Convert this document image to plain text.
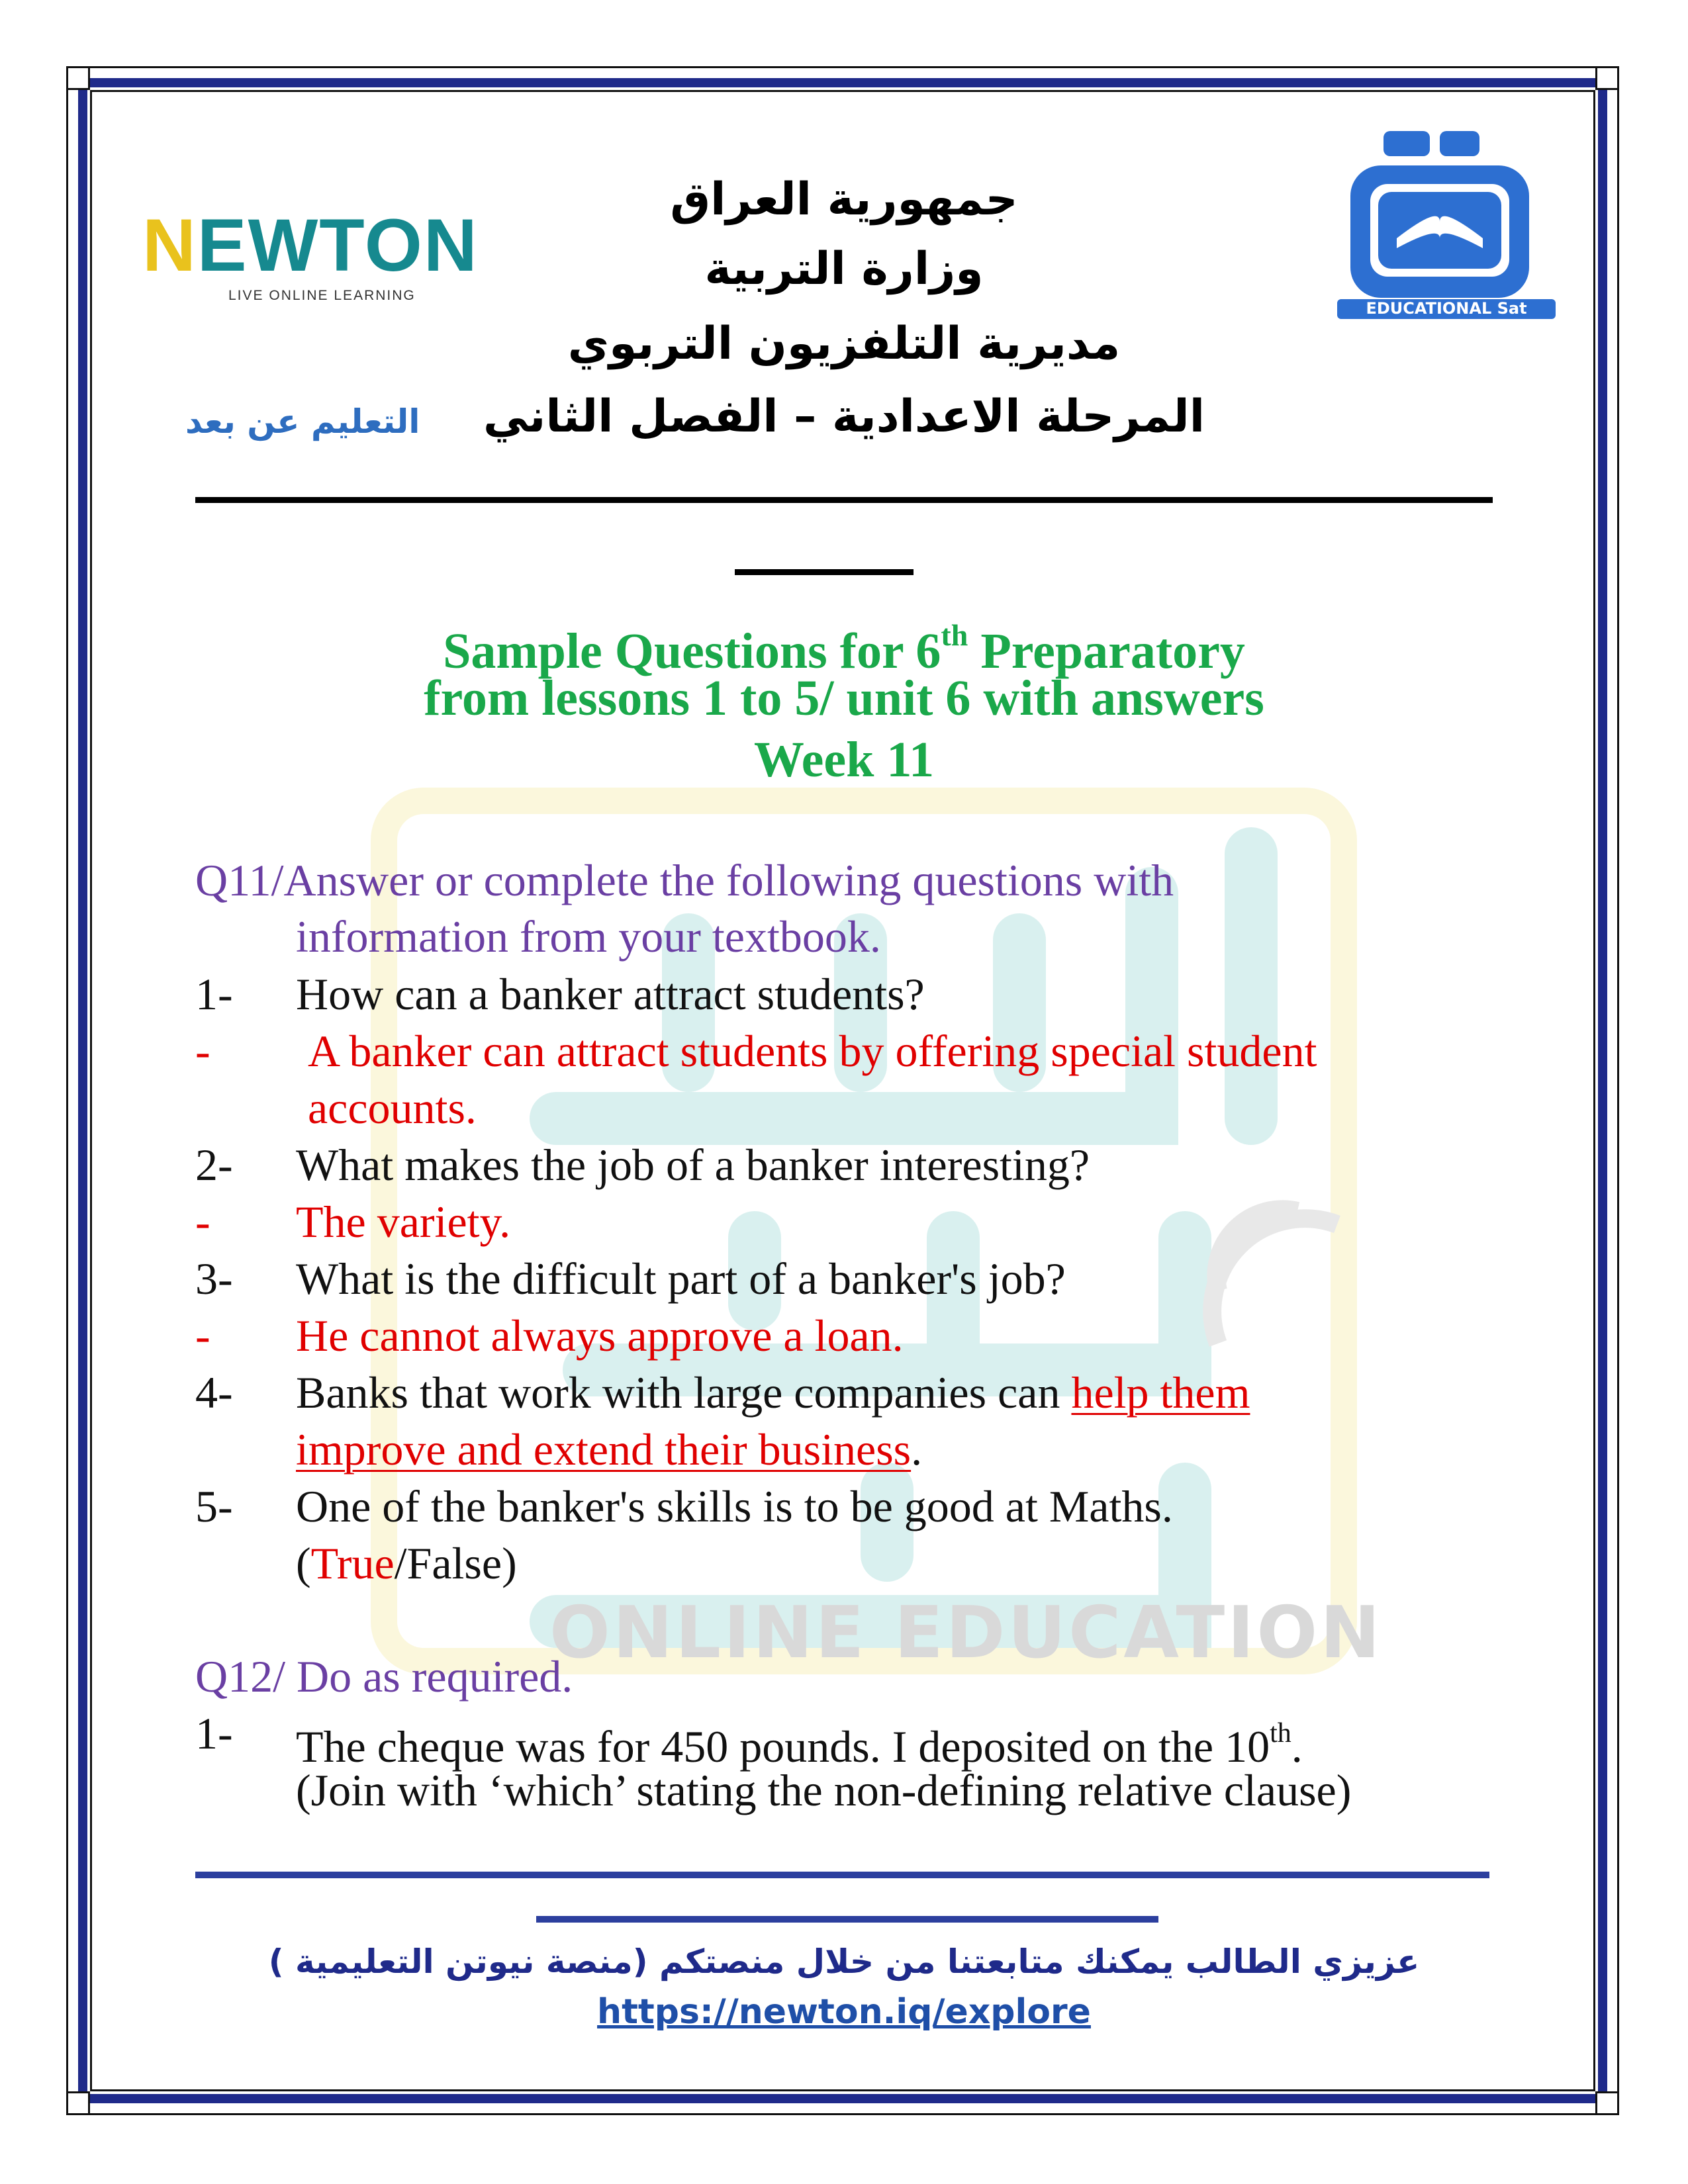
ONLINE EDUCATION
NEWTON
LIVE ONLINE LEARNING
EDUCATIONAL Sat
جمهورية العراق
وزارة التربية
مديرية التلفزيون التربوي
المرحلة الاعدادية – الفصل الثاني
التعليم عن بعد
Sample Questions for 6th Preparatory
from lessons 1 to 5/ unit 6 with answers
Week 11
Q11/Answer or complete the following questions with
information from your textbook.
1- How can a banker attract students?
- A banker can attract students by offering special student
accounts.
2- What makes the job of a banker interesting?
- The variety.
3- What is the difficult part of a banker's job?
- He cannot always approve a loan.
4- Banks that work with large companies can help them
improve and extend their business.
5- One of the banker's skills is to be good at Maths.
(True/False)
Q12/ Do as required.
1- The cheque was for 450 pounds. I deposited on the 10th.
(Join with ‘which’ stating the non-defining relative clause)
عزيزي الطالب يمكنك متابعتنا من خلال منصتكم (منصة نيوتن التعليمية )
https://newton.iq/explore
